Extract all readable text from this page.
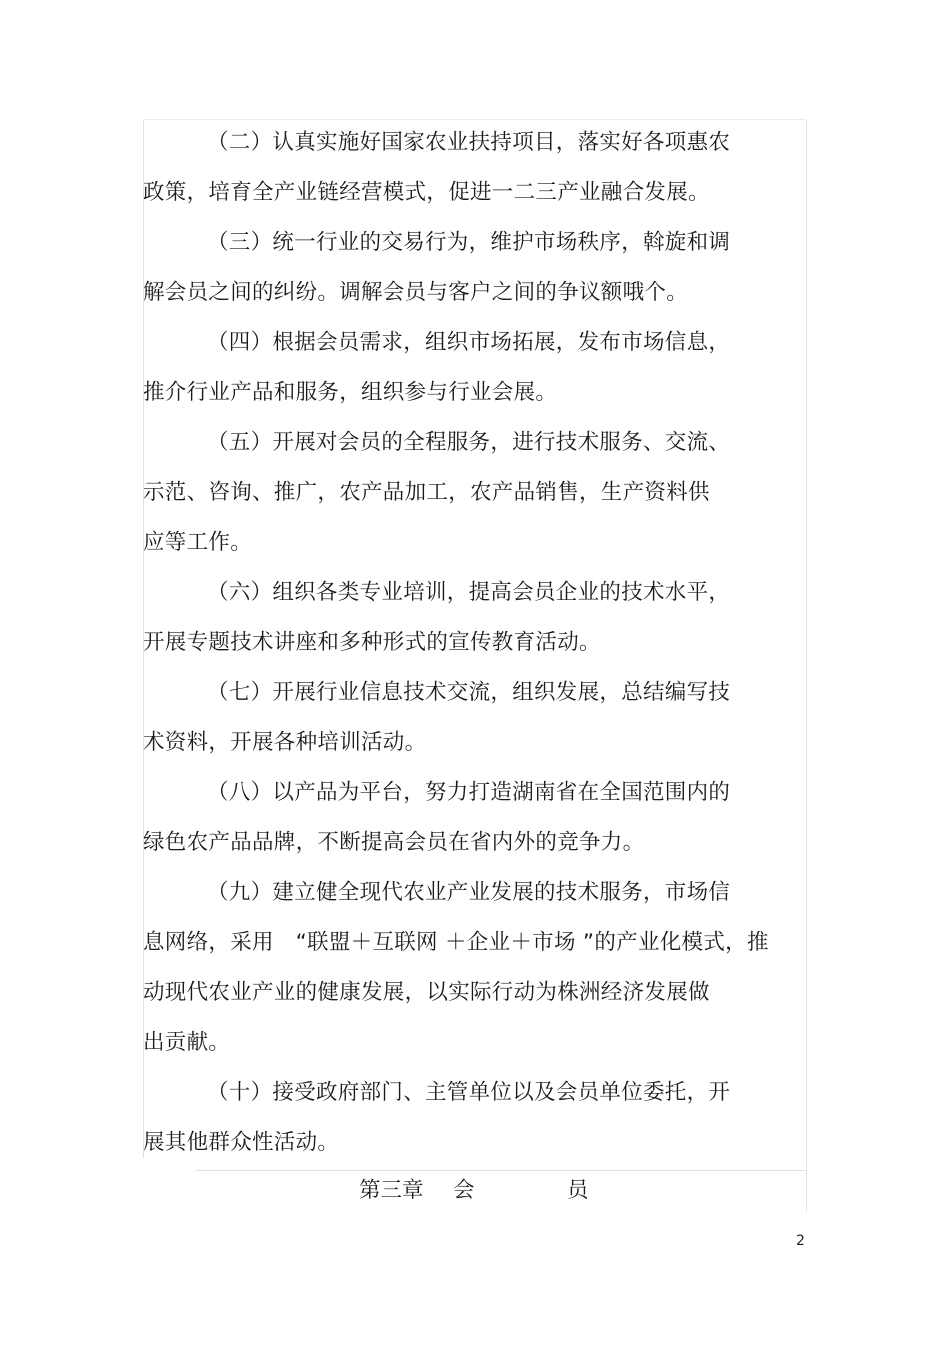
（二）认真实施好国家农业扶持项目，落实好各项惠农
政策，培育全产业链经营模式，促进一二三产业融合发展。
（三）统一行业的交易行为，维护市场秩序，斡旋和调
解会员之间的纠纷。调解会员与客户之间的争议额哦个。
（四）根据会员需求，组织市场拓展，发布市场信息，
推介行业产品和服务，组织参与行业会展。
（五）开展对会员的全程服务，进行技术服务、交流、
示范、咨询、推广，农产品加工，农产品销售，生产资料供
应等工作。
（六）组织各类专业培训，提高会员企业的技术水平，
开展专题技术讲座和多种形式的宣传教育活动。
（七）开展行业信息技术交流，组织发展，总结编写技
术资料，开展各种培训活动。
（八）以产品为平台，努力打造湖南省在全国范围内的
绿色农产品品牌，不断提高会员在省内外的竞争力。
（九）建立健全现代农业产业发展的技术服务，市场信
息网络，采用　“联盟＋互联网 ＋企业＋市场 ”的产业化模式，推
动现代农业产业的健康发展，以实际行动为株洲经济发展做
出贡献。
（十）接受政府部门、主管单位以及会员单位委托，开
展其他群众性活动。
第三章 会	员
2
